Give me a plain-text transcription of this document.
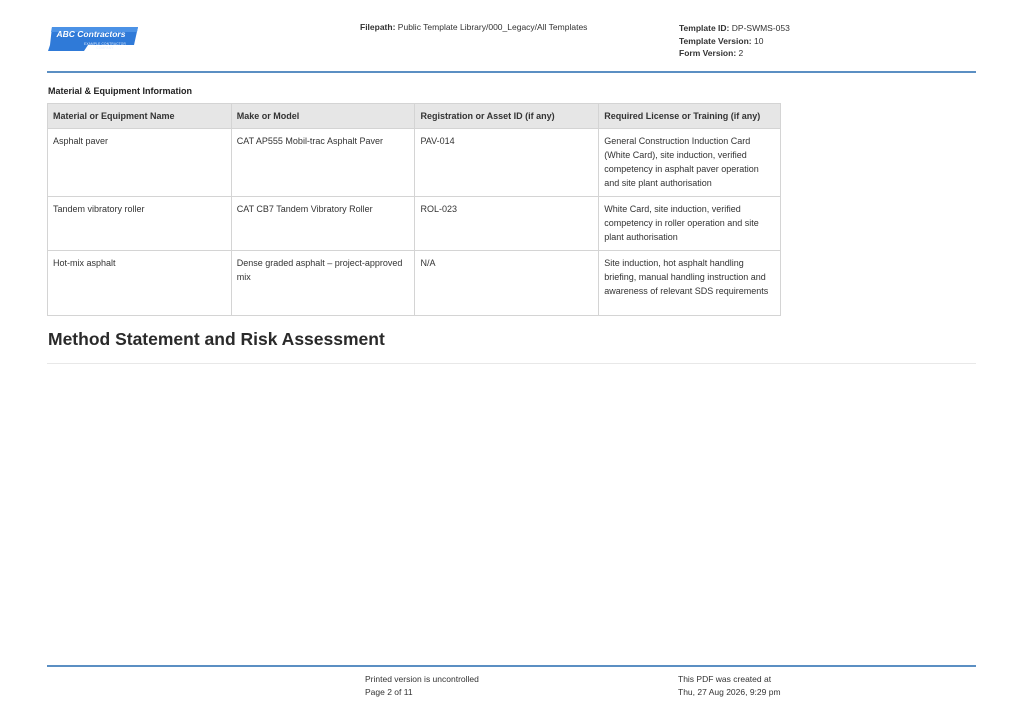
ABC Contractors
EXAMPLE CONTRACTOR COMPANY
Filepath: Public Template Library/000_Legacy/All Templates	Template ID: DP-SWMS-053
Template Version: 10
Form Version: 2
Material & Equipment Information
Material or Equipment Name	Make or Model	Registration or Asset ID (if any)	Required License or Training (if any)
Asphalt paver	CAT AP555 Mobil-trac Asphalt Paver	PAV-014	General Construction Induction Card (White Card), site induction, verified competency in asphalt paver operation and site plant authorisation
Tandem vibratory roller	CAT CB7 Tandem Vibratory Roller	ROL-023	White Card, site induction, verified competency in roller operation and site plant authorisation
Hot-mix asphalt	Dense graded asphalt – project-approved mix	N/A	Site induction, hot asphalt handling briefing, manual handling instruction and awareness of relevant SDS requirements
Method Statement and Risk Assessment
Printed version is uncontrolled
Page 2 of 11
This PDF was created at
Thu, 27 Aug 2026, 9:29 pm
